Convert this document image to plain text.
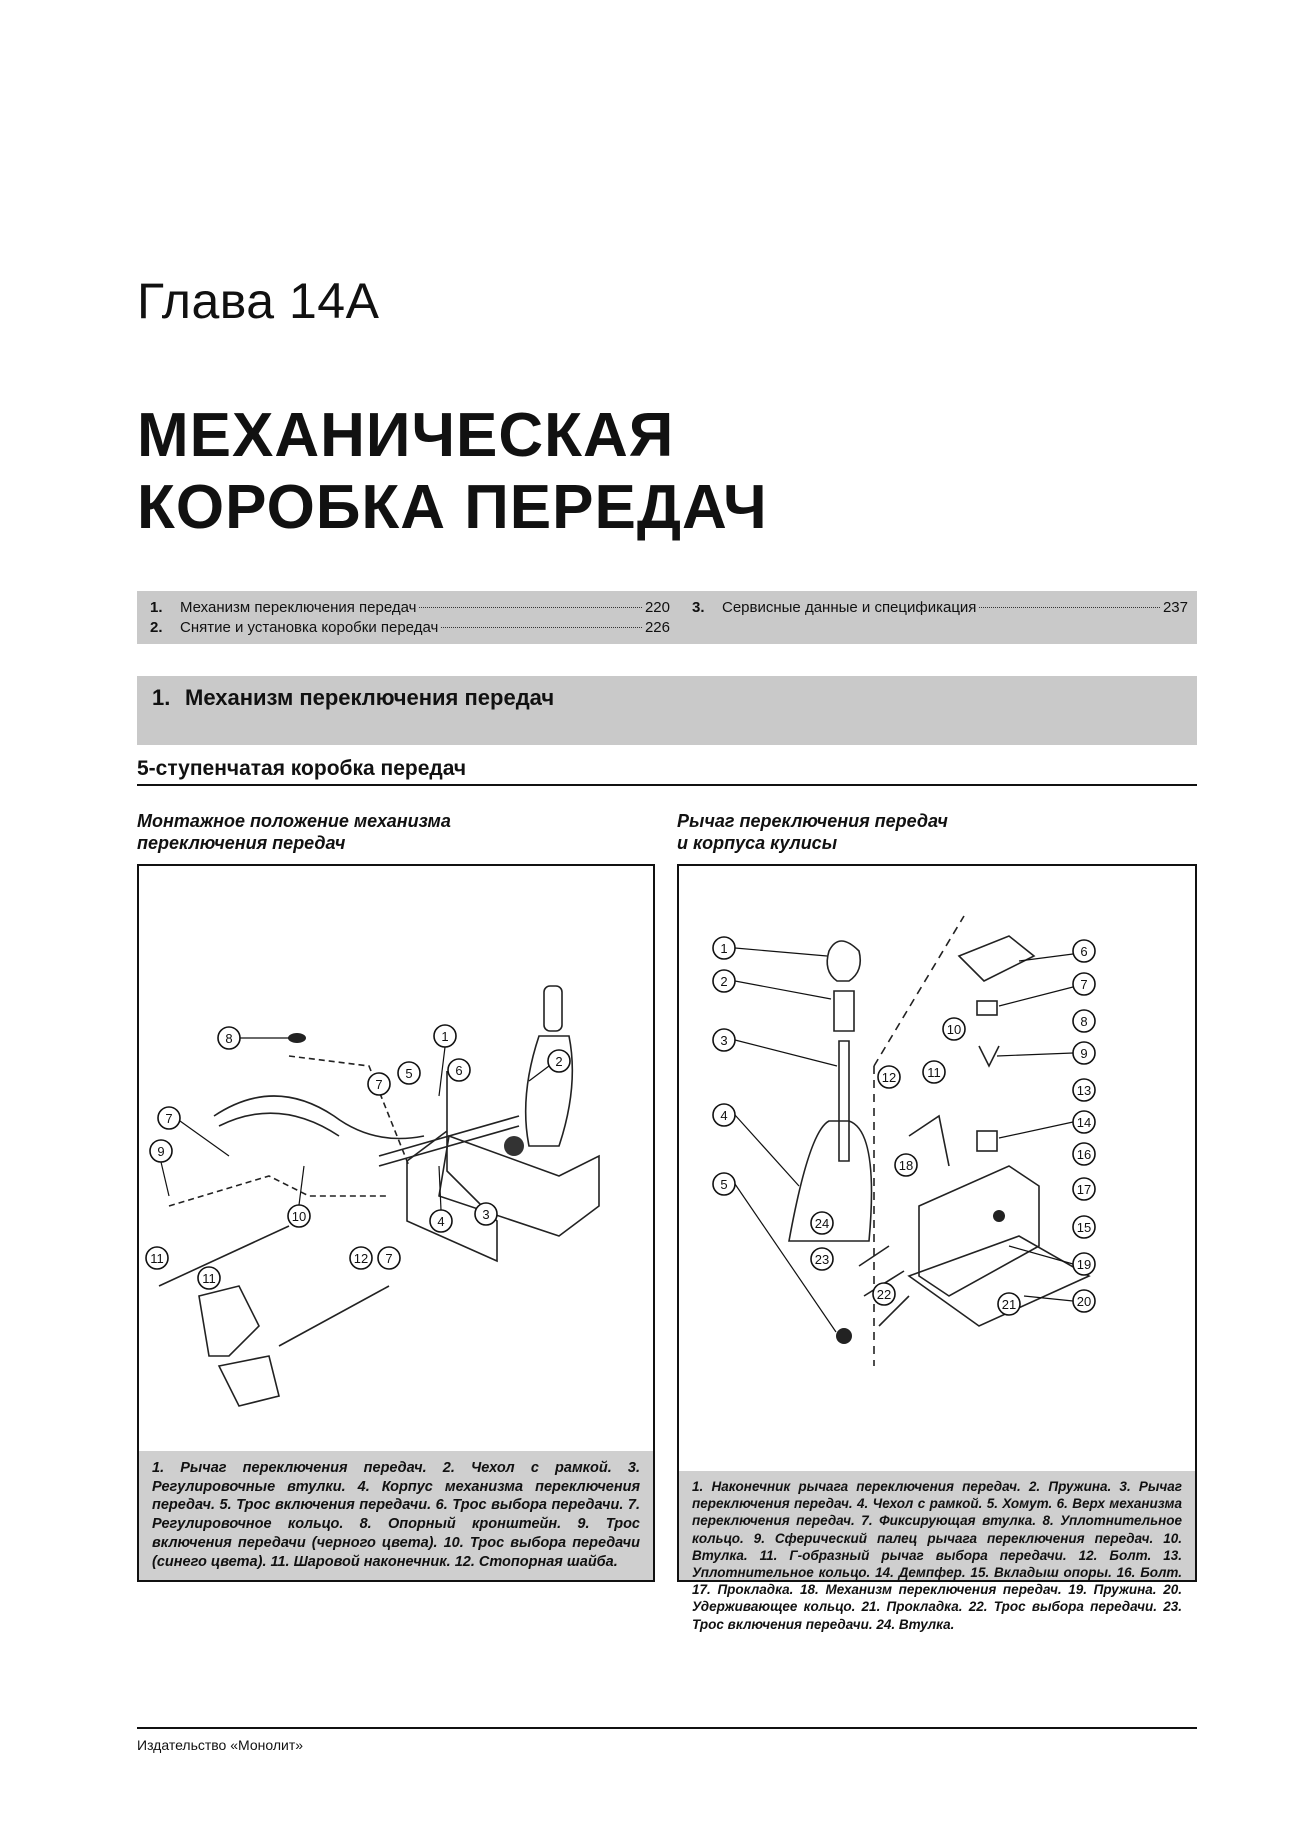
Глава 14А
МЕХАНИЧЕСКАЯ
КОРОБКА ПЕРЕДАЧ
1.	Механизм переключения передач	220
2.	Снятие и установка коробки передач	226
3.	Сервисные данные и спецификация	237
1. Механизм переключения передач
5-ступенчатая коробка передач
Монтажное положение механизма
переключения передач
8	1
2
6
5
7
7
9
3
4
10
11
11
12 7
1. Рычаг переключения передач. 2. Чехол с рамкой. 3. Регулировочные втулки. 4. Корпус механизма переключения передач. 5. Трос включения передачи. 6. Трос выбора передачи. 7. Регулировочное кольцо. 8. Опорный кронштейн. 9. Трос включения передачи (черного цвета). 10. Трос выбора передачи (синего цвета). 11. Шаровой наконечник. 12. Стопорная шайба.
Рычаг переключения передач
и корпуса кулисы
1
2
3
4
5
6
7
8
9
10
11
12
13
14
15
16
17
18
19
20
21
22
23
24
1. Наконечник рычага переключения передач. 2. Пружина. 3. Рычаг переключения передач. 4. Чехол с рамкой. 5. Хомут. 6. Верх механизма переключения передач. 7. Фиксирующая втулка. 8. Уплотнительное кольцо. 9. Сферический палец рычага переключения передач. 10. Втулка. 11. Г-образный рычаг выбора передачи. 12. Болт. 13. Уплотнительное кольцо. 14. Демпфер. 15. Вкладыш опоры. 16. Болт. 17. Прокладка. 18. Механизм переключения передач. 19. Пружина. 20. Удерживающее кольцо. 21. Прокладка. 22. Трос выбора передачи. 23. Трос включения передачи. 24. Втулка.
Издательство «Монолит»
